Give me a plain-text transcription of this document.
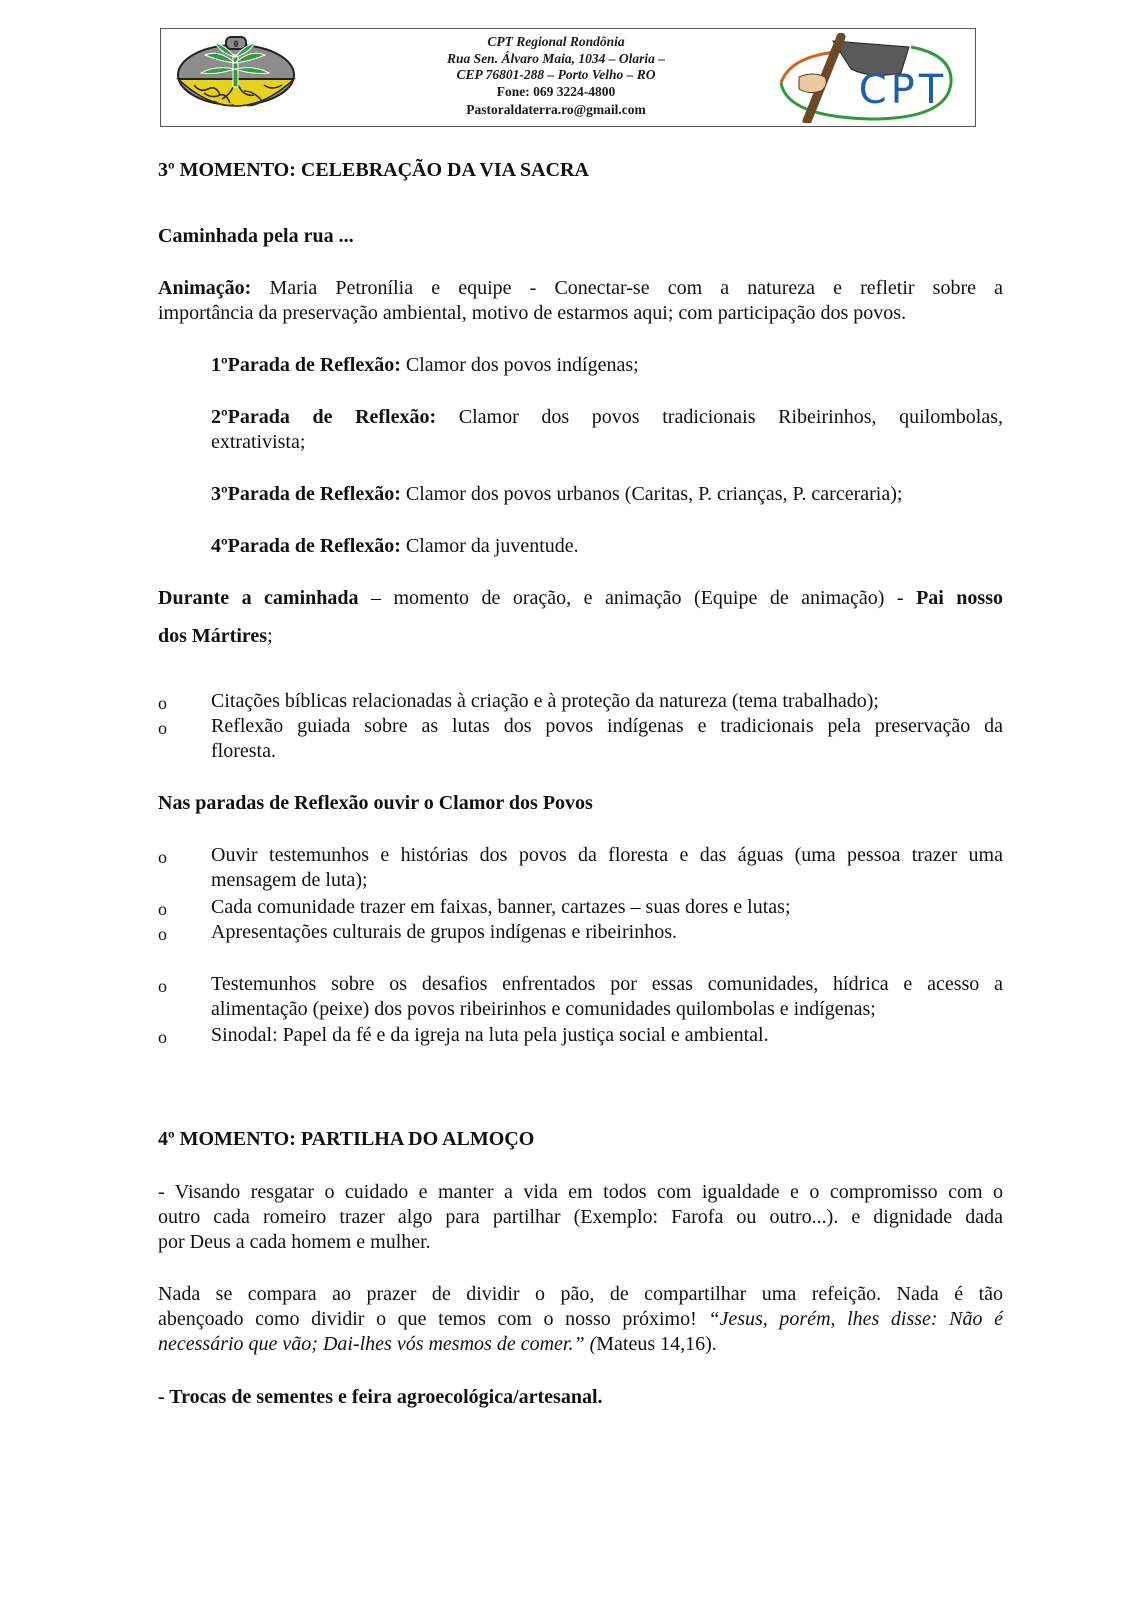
0	CPT Regional Rondônia
Rua Sen. Álvaro Maia, 1034 – Olaria –
CEP 76801-288 – Porto Velho – RO
Fone: 069 3224-4800
Pastoraldaterra.ro@gmail.com	CPT
3º MOMENTO: CELEBRAÇÃO DA VIA SACRA
Caminhada pela rua ...
Animação: Maria Petronília e equipe - Conectar-se com a natureza e refletir sobre a
importância da preservação ambiental, motivo de estarmos aqui; com participação dos povos.
1ºParada de Reflexão: Clamor dos povos indígenas;
2ºParada de Reflexão: Clamor dos povos tradicionais Ribeirinhos, quilombolas,
extrativista;
3ºParada de Reflexão: Clamor dos povos urbanos (Caritas, P. crianças, P. carceraria);
4ºParada de Reflexão: Clamor da juventude.
Durante a caminhada – momento de oração, e animação (Equipe de animação) - Pai nosso
dos Mártires;
o Citações bíblicas relacionadas à criação e à proteção da natureza (tema trabalhado);
o Reflexão guiada sobre as lutas dos povos indígenas e tradicionais pela preservação da
floresta.
Nas paradas de Reflexão ouvir o Clamor dos Povos
o Ouvir testemunhos e histórias dos povos da floresta e das águas (uma pessoa trazer uma
mensagem de luta);
o Cada comunidade trazer em faixas, banner, cartazes – suas dores e lutas;
o Apresentações culturais de grupos indígenas e ribeirinhos.
o Testemunhos sobre os desafios enfrentados por essas comunidades, hídrica e acesso a
alimentação (peixe) dos povos ribeirinhos e comunidades quilombolas e indígenas;
o Sinodal: Papel da fé e da igreja na luta pela justiça social e ambiental.
4º MOMENTO: PARTILHA DO ALMOÇO
- Visando resgatar o cuidado e manter a vida em todos com igualdade e o compromisso com o
outro cada romeiro trazer algo para partilhar (Exemplo: Farofa ou outro...). e dignidade dada
por Deus a cada homem e mulher.
Nada se compara ao prazer de dividir o pão, de compartilhar uma refeição. Nada é tão
abençoado como dividir o que temos com o nosso próximo! “Jesus, porém, lhes disse: Não é
necessário que vão; Dai-lhes vós mesmos de comer.” (Mateus 14,16).
- Trocas de sementes e feira agroecológica/artesanal.
